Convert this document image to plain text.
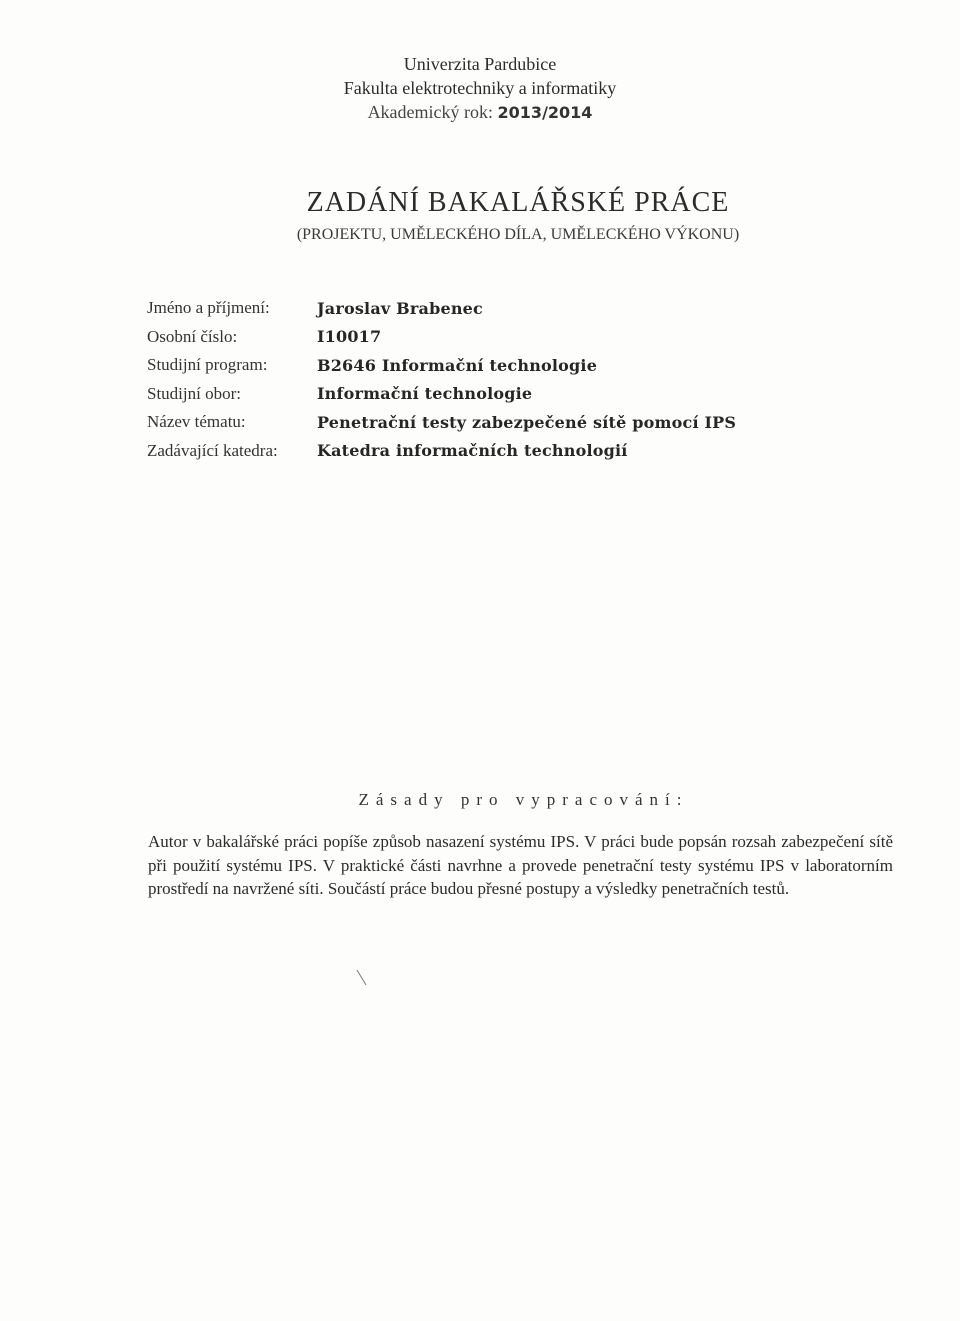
Univerzita Pardubice
Fakulta elektrotechniky a informatiky
Akademický rok: 2013/2014
ZADÁNÍ BAKALÁŘSKÉ PRÁCE
(PROJEKTU, UMĚLECKÉHO DÍLA, UMĚLECKÉHO VÝKONU)
Jméno a příjmení:	Jaroslav Brabenec
Osobní číslo:	I10017
Studijní program:	B2646 Informační technologie
Studijní obor:	Informační technologie
Název tématu:	Penetrační testy zabezpečené sítě pomocí IPS
Zadávající katedra:	Katedra informačních technologií
Zásady pro vypracování:
Autor v bakalářské práci popíše způsob nasazení systému IPS. V práci bude popsán rozsah zabezpečení sítě při použití systému IPS. V praktické části navrhne a provede penetrační testy systému IPS v laboratorním prostředí na navržené síti. Součástí práce budou přesné postupy a výsledky penetračních testů.
